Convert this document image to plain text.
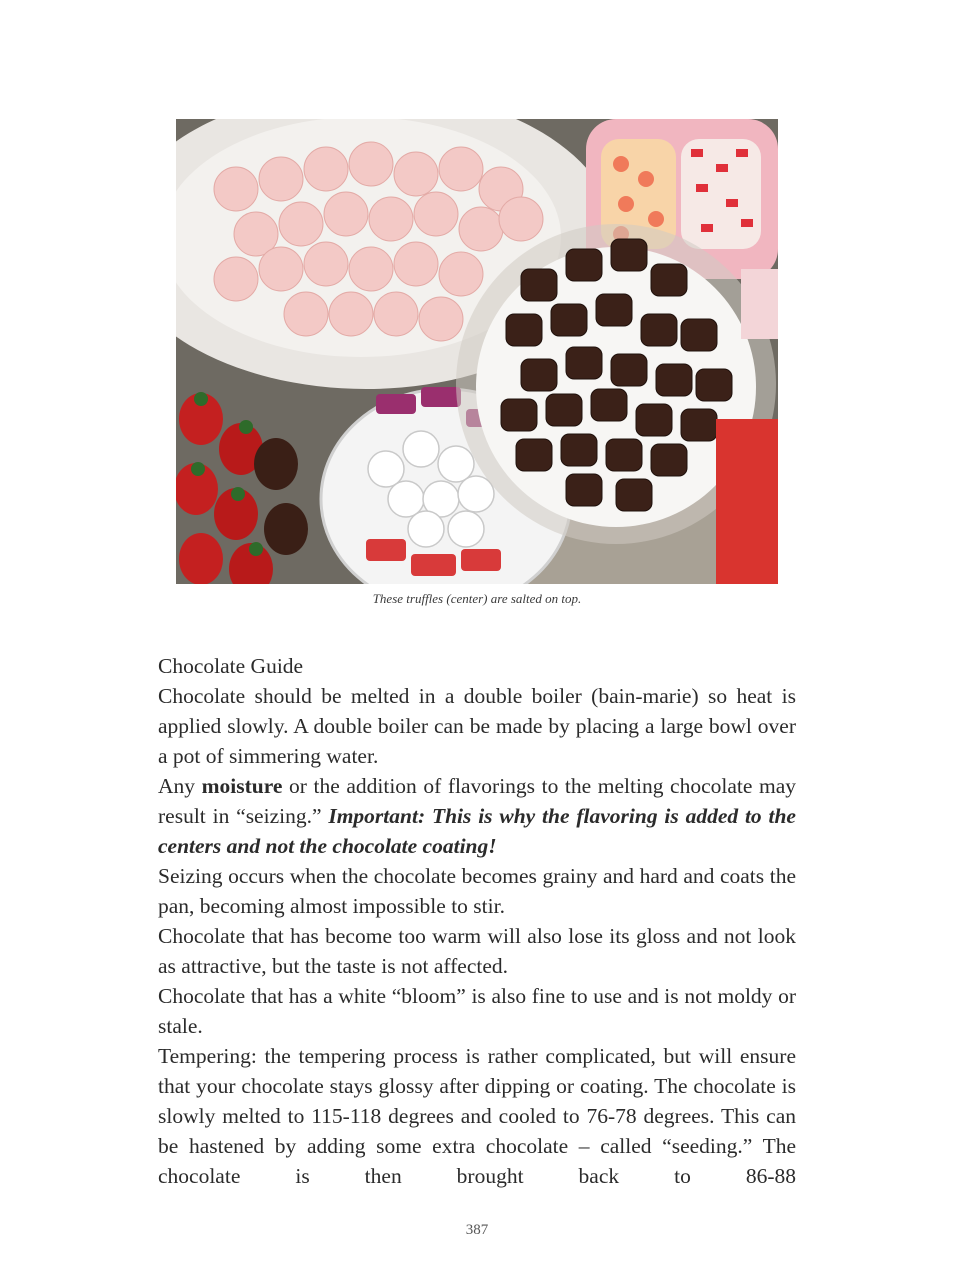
These truffles (center) are salted on top.

Chocolate Guide

Chocolate should be melted in a double boiler (bain-marie) so heat is applied slowly. A double boiler can be made by placing a large bowl over a pot of simmering water.

Any moisture or the addition of flavorings to the melting chocolate may result in “seizing.” Important: This is why the flavoring is added to the centers and not the chocolate coating!

Seizing occurs when the chocolate becomes grainy and hard and coats the pan, becoming almost impossible to stir.

Chocolate that has become too warm will also lose its gloss and not look as attractive, but the taste is not affected.

Chocolate that has a white “bloom” is also fine to use and is not moldy or stale.

Tempering: the tempering process is rather complicated, but will ensure that your chocolate stays glossy after dipping or coating. The chocolate is slowly melted to 115-118 degrees and cooled to 76-78 degrees. This can be hastened by adding some extra chocolate – called “seeding.” The chocolate is then brought back to 86-88

387
